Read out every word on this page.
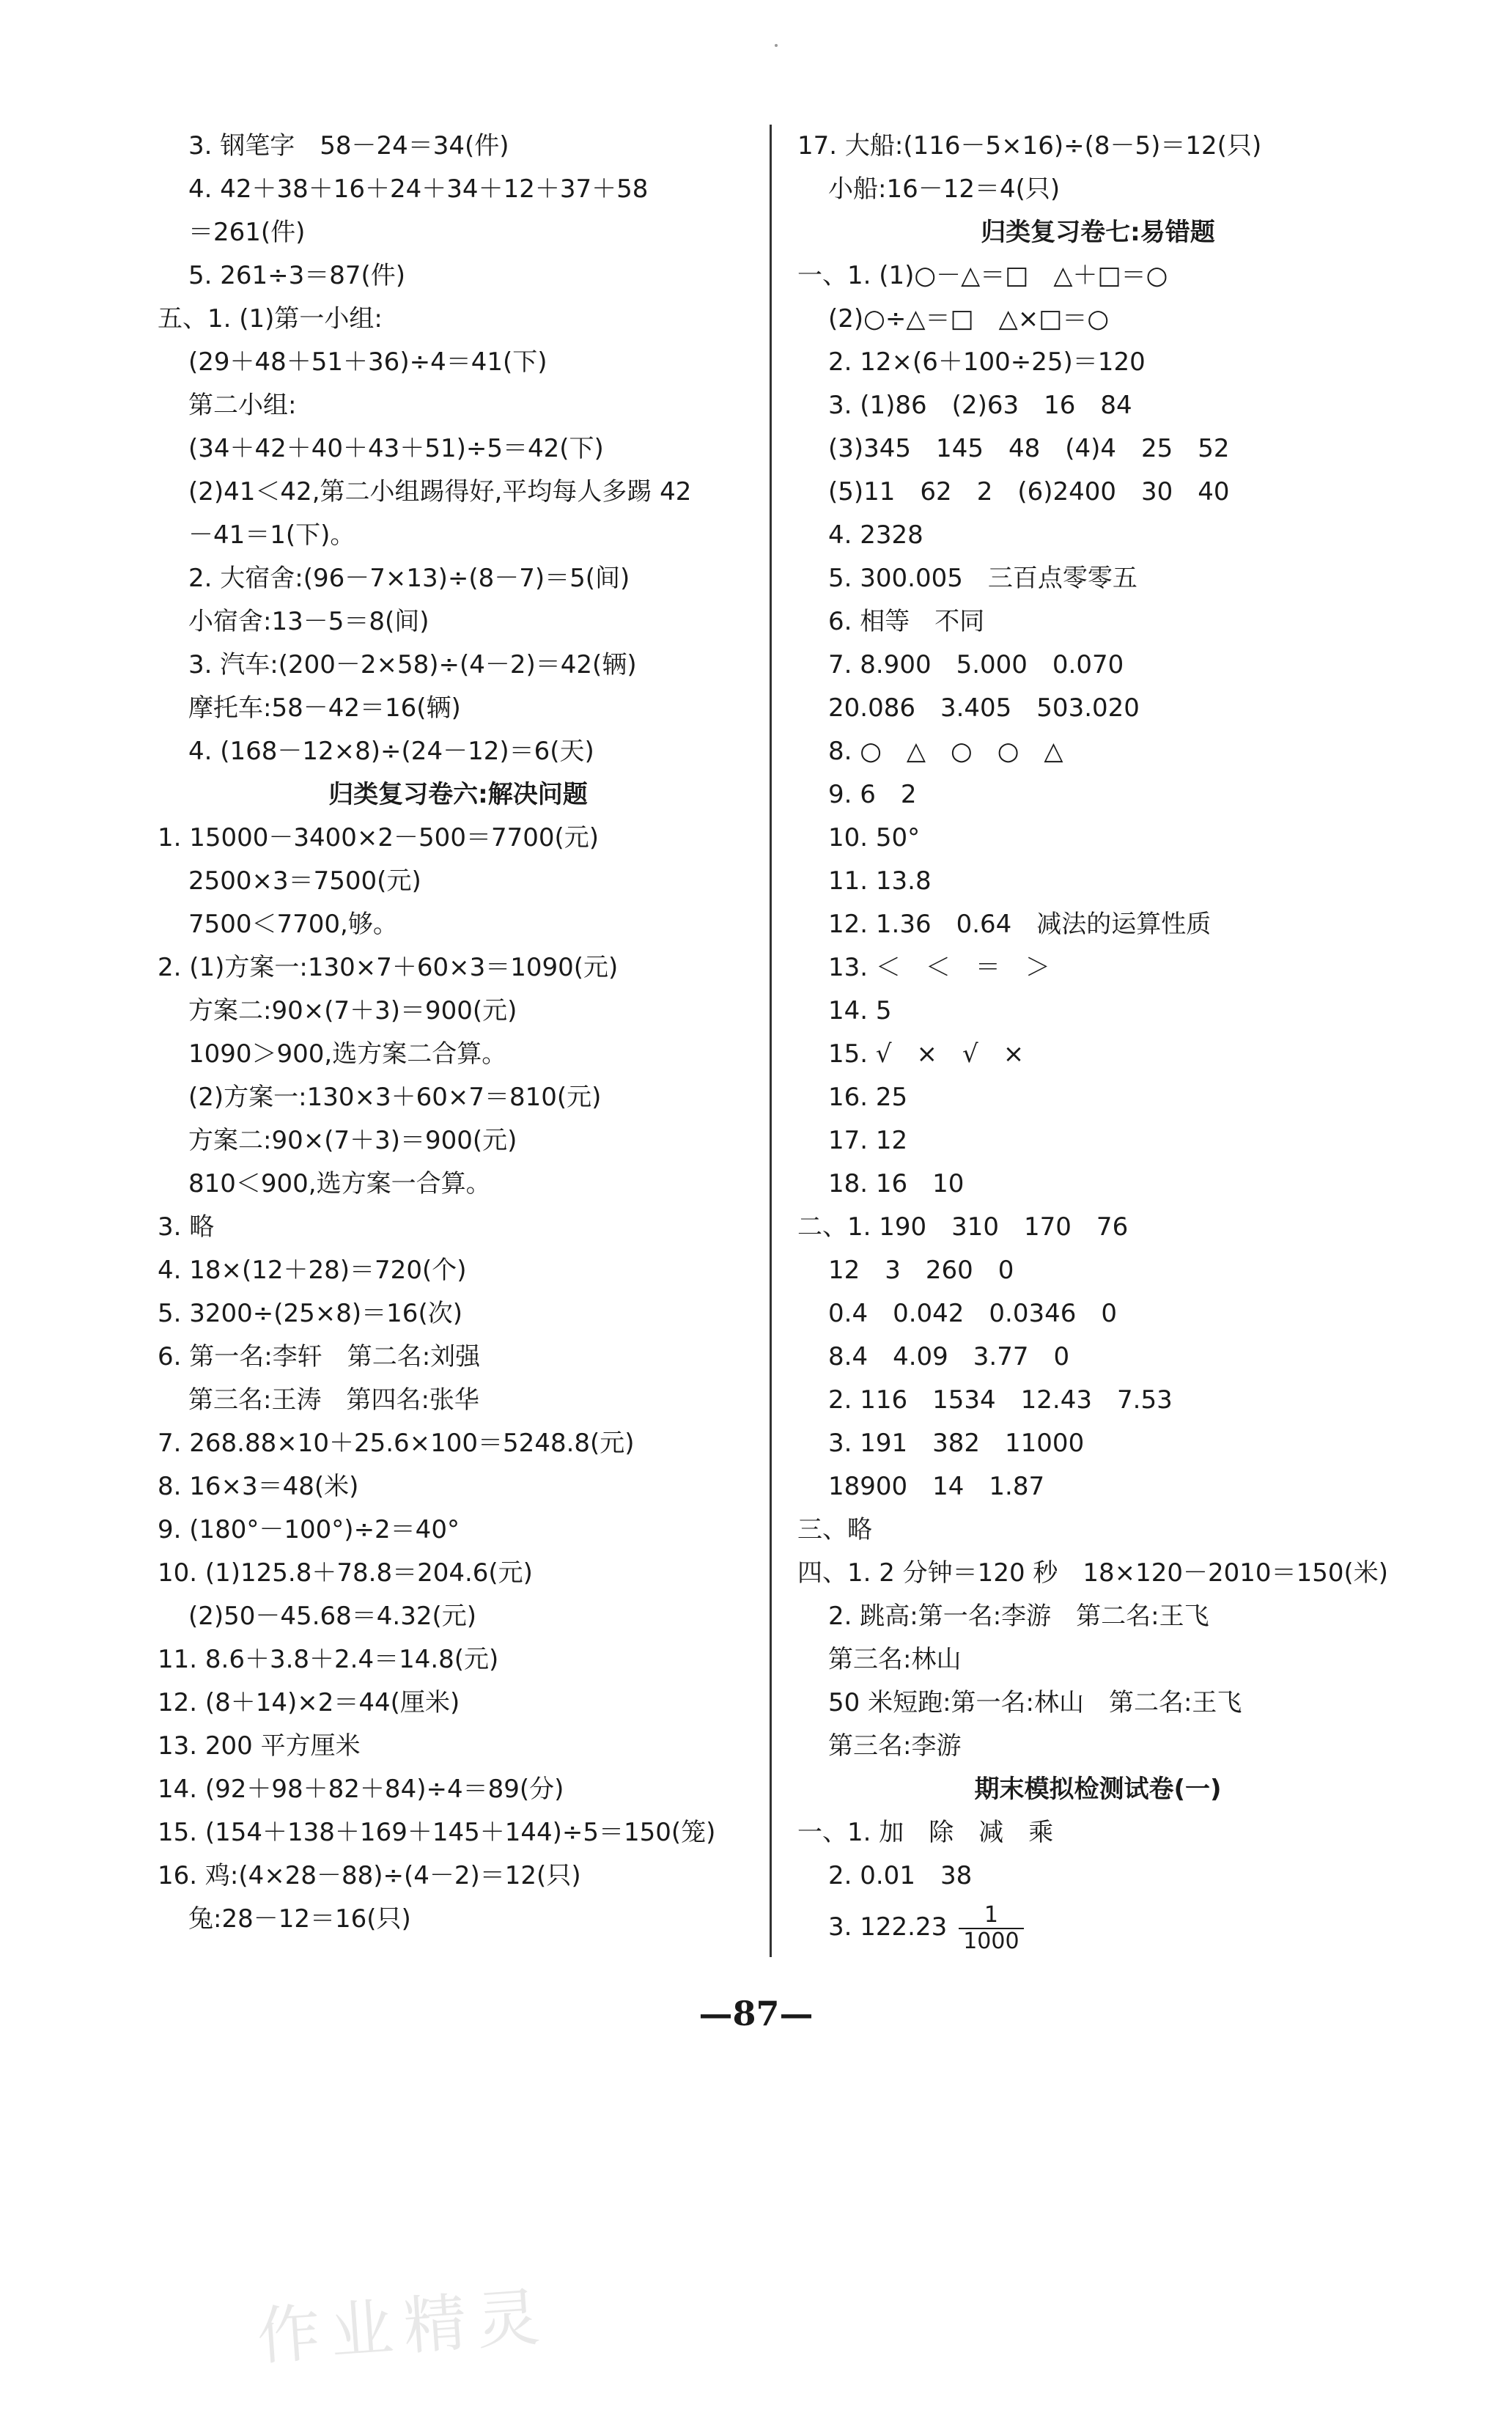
3. 钢笔字　58－24＝34(件)
4. 42＋38＋16＋24＋34＋12＋37＋58
＝261(件)
5. 261÷3＝87(件)
五、1. (1)第一小组:
(29＋48＋51＋36)÷4＝41(下)
第二小组:
(34＋42＋40＋43＋51)÷5＝42(下)
(2)41＜42,第二小组踢得好,平均每人多踢 42
－41＝1(下)。
2. 大宿舍:(96－7×13)÷(8－7)＝5(间)
小宿舍:13－5＝8(间)
3. 汽车:(200－2×58)÷(4－2)＝42(辆)
摩托车:58－42＝16(辆)
4. (168－12×8)÷(24－12)＝6(天)
归类复习卷六:解决问题
1. 15000－3400×2－500＝7700(元)
2500×3＝7500(元)
7500＜7700,够。
2. (1)方案一:130×7＋60×3＝1090(元)
方案二:90×(7＋3)＝900(元)
1090＞900,选方案二合算。
(2)方案一:130×3＋60×7＝810(元)
方案二:90×(7＋3)＝900(元)
810＜900,选方案一合算。
3. 略
4. 18×(12＋28)＝720(个)
5. 3200÷(25×8)＝16(次)
6. 第一名:李轩　第二名:刘强
第三名:王涛　第四名:张华
7. 268.88×10＋25.6×100＝5248.8(元)
8. 16×3＝48(米)
9. (180°－100°)÷2＝40°
10. (1)125.8＋78.8＝204.6(元)
(2)50－45.68＝4.32(元)
11. 8.6＋3.8＋2.4＝14.8(元)
12. (8＋14)×2＝44(厘米)
13. 200 平方厘米
14. (92＋98＋82＋84)÷4＝89(分)
15. (154＋138＋169＋145＋144)÷5＝150(笼)
16. 鸡:(4×28－88)÷(4－2)＝12(只)
兔:28－12＝16(只)
17. 大船:(116－5×16)÷(8－5)＝12(只)
小船:16－12＝4(只)
归类复习卷七:易错题
一、1. (1)○－△＝□　△＋□＝○
(2)○÷△＝□　△×□＝○
2. 12×(6＋100÷25)＝120
3. (1)86　(2)63　16　84
(3)345　145　48　(4)4　25　52
(5)11　62　2　(6)2400　30　40
4. 2328
5. 300.005　三百点零零五
6. 相等　不同
7. 8.900　5.000　0.070
20.086　3.405　503.020
8. ○　△　○　○　△
9. 6　2
10. 50°
11. 13.8
12. 1.36　0.64　减法的运算性质
13. ＜　＜　＝　＞
14. 5
15. √　×　√　×
16. 25
17. 12
18. 16　10
二、1. 190　310　170　76
12　3　260　0
0.4　0.042　0.0346　0
8.4　4.09　3.77　0
2. 116　1534　12.43　7.53
3. 191　382　11000
18900　14　1.87
三、略
四、1. 2 分钟＝120 秒　18×120－2010＝150(米)
2. 跳高:第一名:李游　第二名:王飞
第三名:林山
50 米短跑:第一名:林山　第二名:王飞
第三名:李游
期末模拟检测试卷(一)
一、1. 加　除　减　乘
2. 0.01　38
3. $122.23 \frac{1}{1000}$
—87—
作业精灵
